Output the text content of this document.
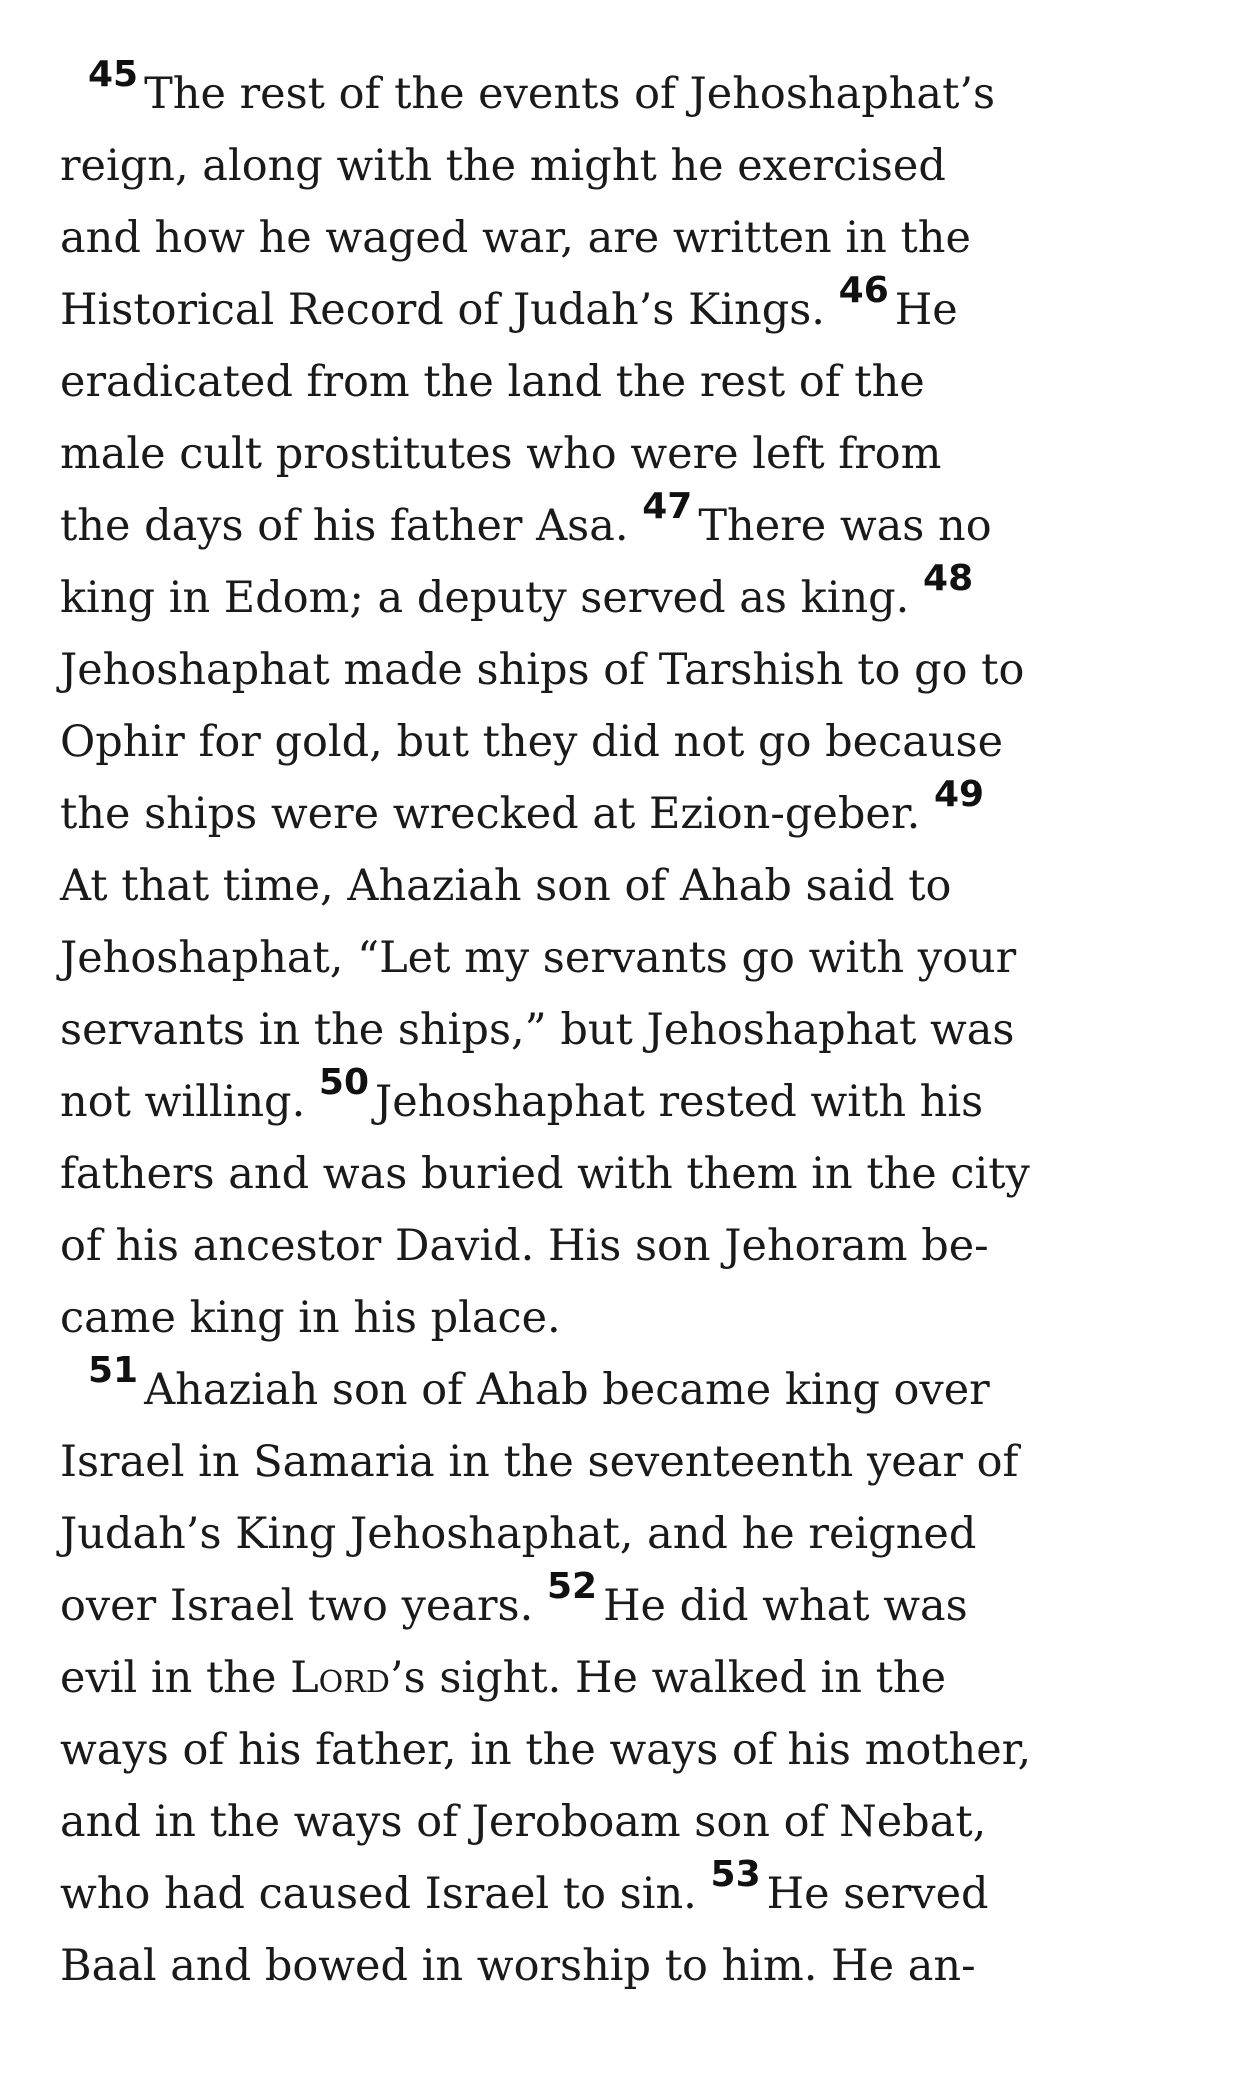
$^{45}$ The rest of the events of Jehoshaphat’s
reign, along with the might he exercised
and how he waged war, are written in the
Historical Record of Judah’s Kings. $^{46}$ He
eradicated from the land the rest of the
male cult prostitutes who were left from
the days of his father Asa. $^{47}$ There was no
king in Edom; a deputy served as king. $^{48}$
Jehoshaphat made ships of Tarshish to go to
Ophir for gold, but they did not go because
the ships were wrecked at Ezion-geber. $^{49}$
At that time, Ahaziah son of Ahab said to
Jehoshaphat, “Let my servants go with your
servants in the ships,” but Jehoshaphat was
not willing. $^{50}$ Jehoshaphat rested with his
fathers and was buried with them in the city
of his ancestor David. His son Jehoram be-
came king in his place.
$^{51}$ Ahaziah son of Ahab became king over
Israel in Samaria in the seventeenth year of
Judah’s King Jehoshaphat, and he reigned
over Israel two years. $^{52}$ He did what was
evil in the Lord’s sight. He walked in the
ways of his father, in the ways of his mother,
and in the ways of Jeroboam son of Nebat,
who had caused Israel to sin. $^{53}$ He served
Baal and bowed in worship to him. He an-
